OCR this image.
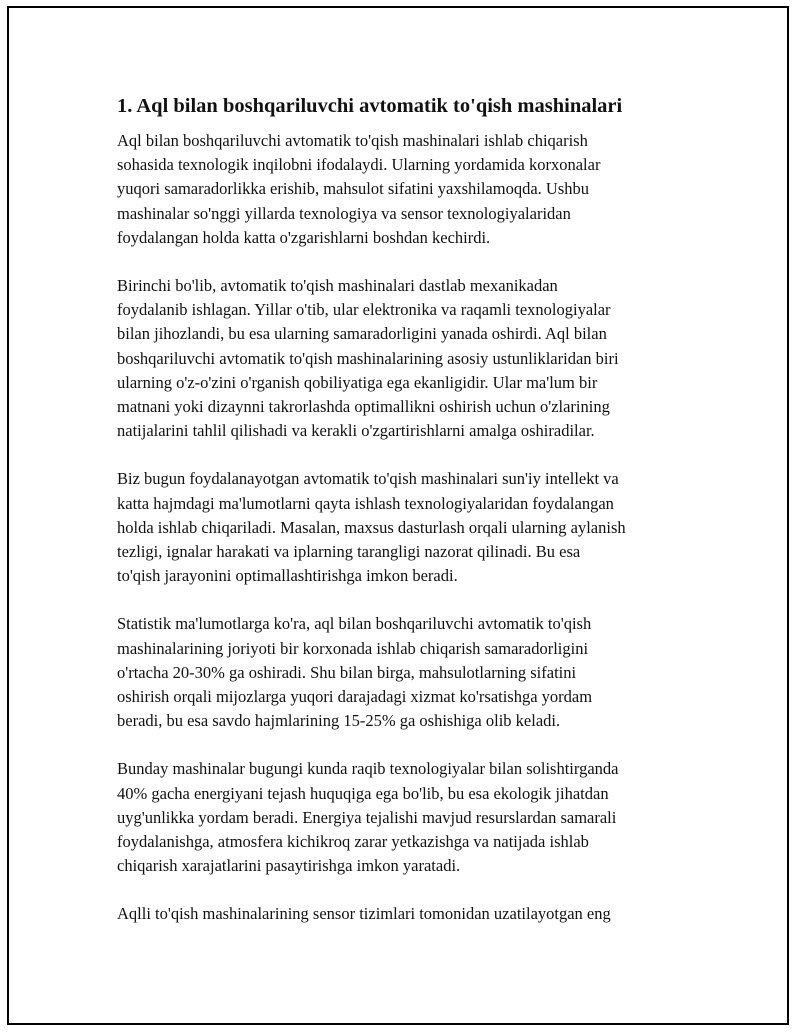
1. Aql bilan boshqariluvchi avtomatik to'qish mashinalari

Aql bilan boshqariluvchi avtomatik to'qish mashinalari ishlab chiqarish
sohasida texnologik inqilobni ifodalaydi. Ularning yordamida korxonalar
yuqori samaradorlikka erishib, mahsulot sifatini yaxshilamoqda. Ushbu
mashinalar so'nggi yillarda texnologiya va sensor texnologiyalaridan
foydalangan holda katta o'zgarishlarni boshdan kechirdi.

Birinchi bo'lib, avtomatik to'qish mashinalari dastlab mexanikadan
foydalanib ishlagan. Yillar o'tib, ular elektronika va raqamli texnologiyalar
bilan jihozlandi, bu esa ularning samaradorligini yanada oshirdi. Aql bilan
boshqariluvchi avtomatik to'qish mashinalarining asosiy ustunliklaridan biri
ularning o'z-o'zini o'rganish qobiliyatiga ega ekanligidir. Ular ma'lum bir
matnani yoki dizaynni takrorlashda optimallikni oshirish uchun o'zlarining
natijalarini tahlil qilishadi va kerakli o'zgartirishlarni amalga oshiradilar.

Biz bugun foydalanayotgan avtomatik to'qish mashinalari sun'iy intellekt va
katta hajmdagi ma'lumotlarni qayta ishlash texnologiyalaridan foydalangan
holda ishlab chiqariladi. Masalan, maxsus dasturlash orqali ularning aylanish
tezligi, ignalar harakati va iplarning tarangligi nazorat qilinadi. Bu esa
to'qish jarayonini optimallashtirishga imkon beradi.

Statistik ma'lumotlarga ko'ra, aql bilan boshqariluvchi avtomatik to'qish
mashinalarining joriyoti bir korxonada ishlab chiqarish samaradorligini
o'rtacha 20-30% ga oshiradi. Shu bilan birga, mahsulotlarning sifatini
oshirish orqali mijozlarga yuqori darajadagi xizmat ko'rsatishga yordam
beradi, bu esa savdo hajmlarining 15-25% ga oshishiga olib keladi.

Bunday mashinalar bugungi kunda raqib texnologiyalar bilan solishtirganda
40% gacha energiyani tejash huquqiga ega bo'lib, bu esa ekologik jihatdan
uyg'unlikka yordam beradi. Energiya tejalishi mavjud resurslardan samarali
foydalanishga, atmosfera kichikroq zarar yetkazishga va natijada ishlab
chiqarish xarajatlarini pasaytirishga imkon yaratadi.

Aqlli to'qish mashinalarining sensor tizimlari tomonidan uzatilayotgan eng
